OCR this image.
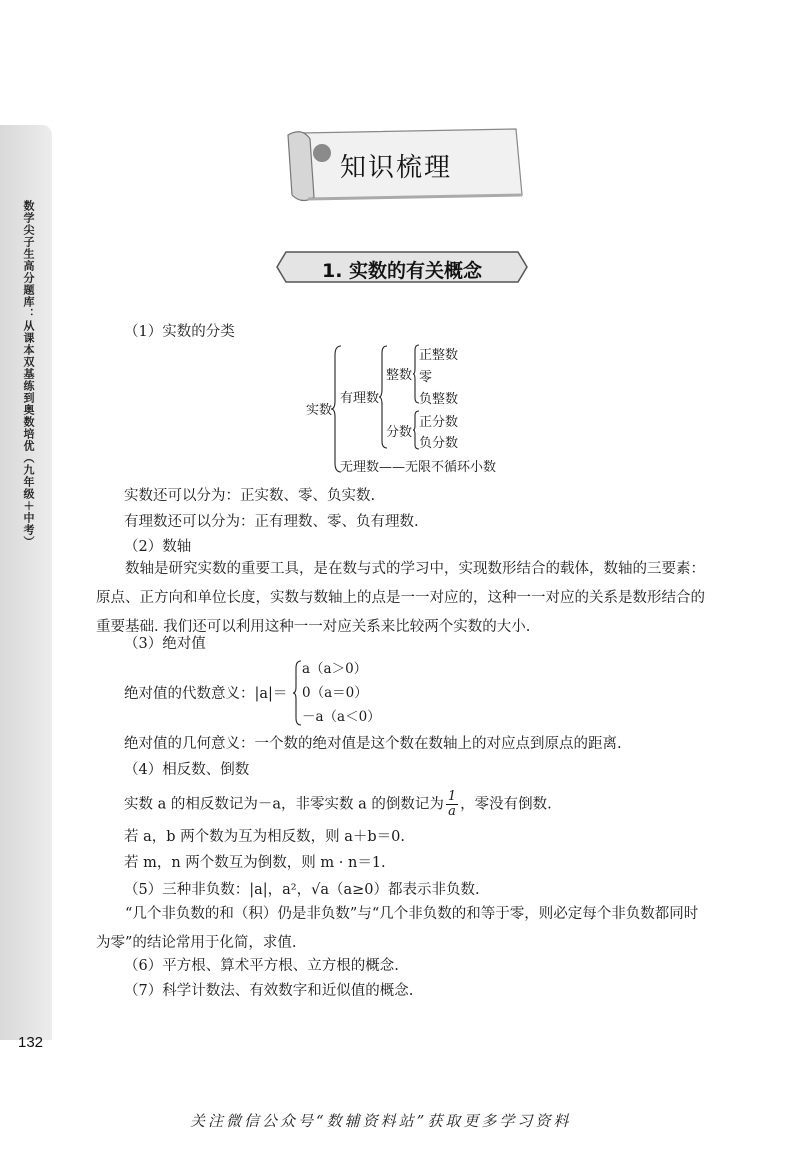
数学尖子生高分题库：从课本双基练到奥数培优（九年级＋中考）
132
知识梳理
1. 实数的有关概念
（1）实数的分类
实数
有理数
整数
正整数
零
负整数
分数
正分数
负分数
无理数——无限不循环小数
实数还可以分为：正实数、零、负实数.
有理数还可以分为：正有理数、零、负有理数.
（2）数轴
数轴是研究实数的重要工具，是在数与式的学习中，实现数形结合的载体，数轴的三要素：原点、正方向和单位长度，实数与数轴上的点是一一对应的，这种一一对应的关系是数形结合的重要基础. 我们还可以利用这种一一对应关系来比较两个实数的大小.
（3）绝对值
绝对值的代数意义：|a|＝
a（a＞0）
0（a＝0）
－a（a＜0）
绝对值的几何意义：一个数的绝对值是这个数在数轴上的对应点到原点的距离.
（4）相反数、倒数
实数 a 的相反数记为－a，非零实数 a 的倒数记为 $\frac{1}{a}$ ，零没有倒数.
若 a，b 两个数为互为相反数，则 a＋b＝0.
若 m，n 两个数互为倒数，则 m · n＝1.
（5）三种非负数：|a|，a²，√a（a≥0）都表示非负数.
“几个非负数的和（积）仍是非负数”与“几个非负数的和等于零，则必定每个非负数都同时为零”的结论常用于化简，求值.
（6）平方根、算术平方根、立方根的概念.
（7）科学计数法、有效数字和近似值的概念.
关注微信公众号“数辅资料站”获取更多学习资料
